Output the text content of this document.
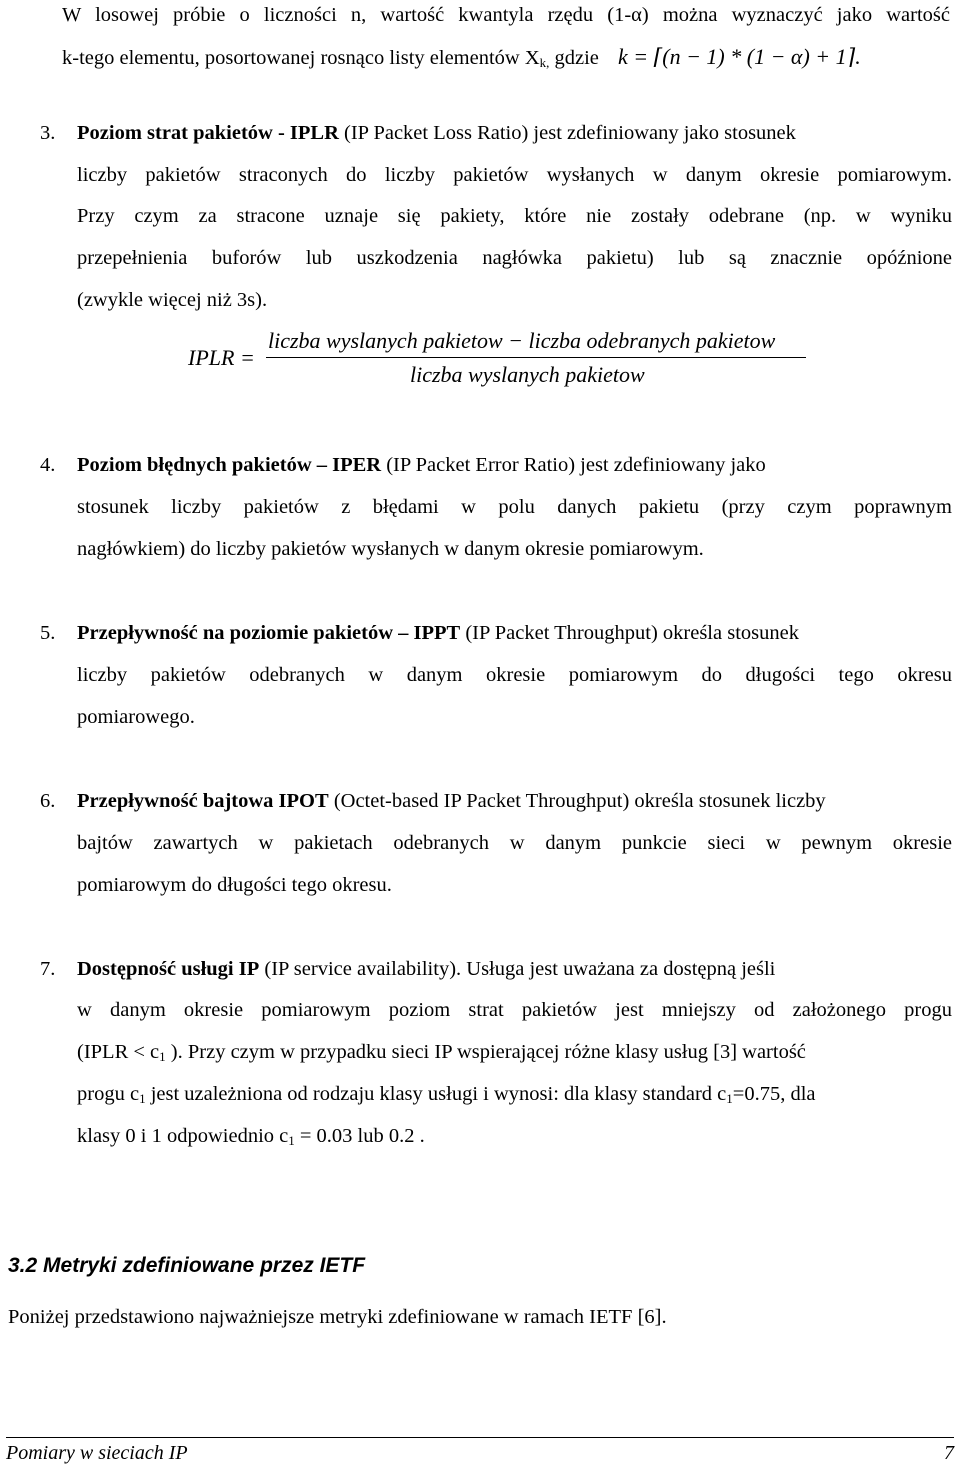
W losowej próbie o liczności n, wartość kwantyla rzędu (1-α) można wyznaczyć jako wartość
k-tego elementu, posortowanej rosnąco listy elementów $X_{k,}$ gdzie k = ⌈(n − 1) * (1 − α) + 1⌉.
3. Poziom strat pakietów - IPLR (IP Packet Loss Ratio) jest zdefiniowany jako stosunek
liczby pakietów straconych do liczby pakietów wysłanych w danym okresie pomiarowym.
Przy czym za stracone uznaje się pakiety, które nie zostały odebrane (np. w wyniku
przepełnienia buforów lub uszkodzenia nagłówka pakietu) lub są znacznie opóźnione
(zwykle więcej niż 3s).
IPLR =
liczba wyslanych pakietow − liczba odebranych pakietow
liczba wyslanych pakietow
4. Poziom błędnych pakietów – IPER (IP Packet Error Ratio) jest zdefiniowany jako
stosunek liczby pakietów z błędami w polu danych pakietu (przy czym poprawnym
nagłówkiem) do liczby pakietów wysłanych w danym okresie pomiarowym.
5. Przepływność na poziomie pakietów – IPPT (IP Packet Throughput) określa stosunek
liczby pakietów odebranych w danym okresie pomiarowym do długości tego okresu
pomiarowego.
6. Przepływność bajtowa IPOT (Octet-based IP Packet Throughput) określa stosunek liczby
bajtów zawartych w pakietach odebranych w danym punkcie sieci w pewnym okresie
pomiarowym do długości tego okresu.
7. Dostępność usługi IP (IP service availability). Usługa jest uważana za dostępną jeśli
w danym okresie pomiarowym poziom strat pakietów jest mniejszy od założonego progu
(IPLR < $c_1$ ). Przy czym w przypadku sieci IP wspierającej różne klasy usług [3] wartość
progu $c_1$ jest uzależniona od rodzaju klasy usługi i wynosi: dla klasy standard $c_1=0.75$, dla
klasy 0 i 1 odpowiednio $c_1 = 0.03$ lub 0.2 .
3.2 Metryki zdefiniowane przez IETF
Poniżej przedstawiono najważniejsze metryki zdefiniowane w ramach IETF [6].
Pomiary w sieciach IP	7
